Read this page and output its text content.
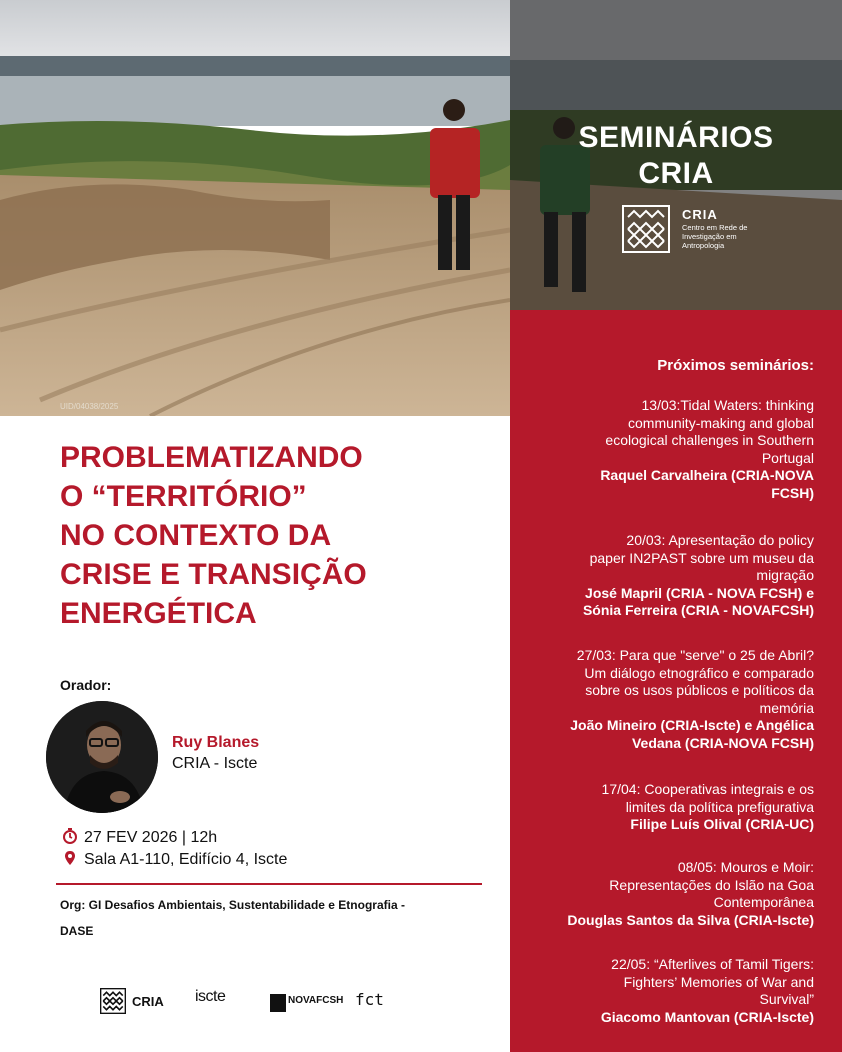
UID/04038/2025
SEMINÁRIOS
CRIA
CRIA
Centro em Rede de Investigação em Antropologia
Próximos seminários:
13/03:Tidal Waters: thinking
community-making and global
ecological challenges in Southern
Portugal
Raquel Carvalheira (CRIA-NOVA
FCSH)
20/03: Apresentação do policy
paper IN2PAST sobre um museu da
migração
José Mapril (CRIA - NOVA FCSH) e
Sónia Ferreira (CRIA - NOVAFCSH)
27/03: Para que "serve" o 25 de Abril?
Um diálogo etnográfico e comparado
sobre os usos públicos e políticos da
memória
João Mineiro (CRIA-Iscte) e Angélica
Vedana (CRIA-NOVA FCSH)
17/04: Cooperativas integrais e os
limites da política prefigurativa
Filipe Luís Olival (CRIA-UC)
08/05: Mouros e Moir:
Representações do Islão na Goa
Contemporânea
Douglas Santos da Silva (CRIA-Iscte)
22/05: “Afterlives of Tamil Tigers:
Fighters’ Memories of War and
Survival”
Giacomo Mantovan (CRIA-Iscte)
PROBLEMATIZANDO
O “TERRITÓRIO”
NO CONTEXTO DA
CRISE E TRANSIÇÃO
ENERGÉTICA
Orador:
Ruy Blanes
CRIA - Iscte
27 FEV 2026 | 12h
Sala A1-110, Edifício 4, Iscte
Org: GI Desafios Ambientais, Sustentabilidade e Etnografia -
DASE
CRIA iscte	NOVAFCSH fct
